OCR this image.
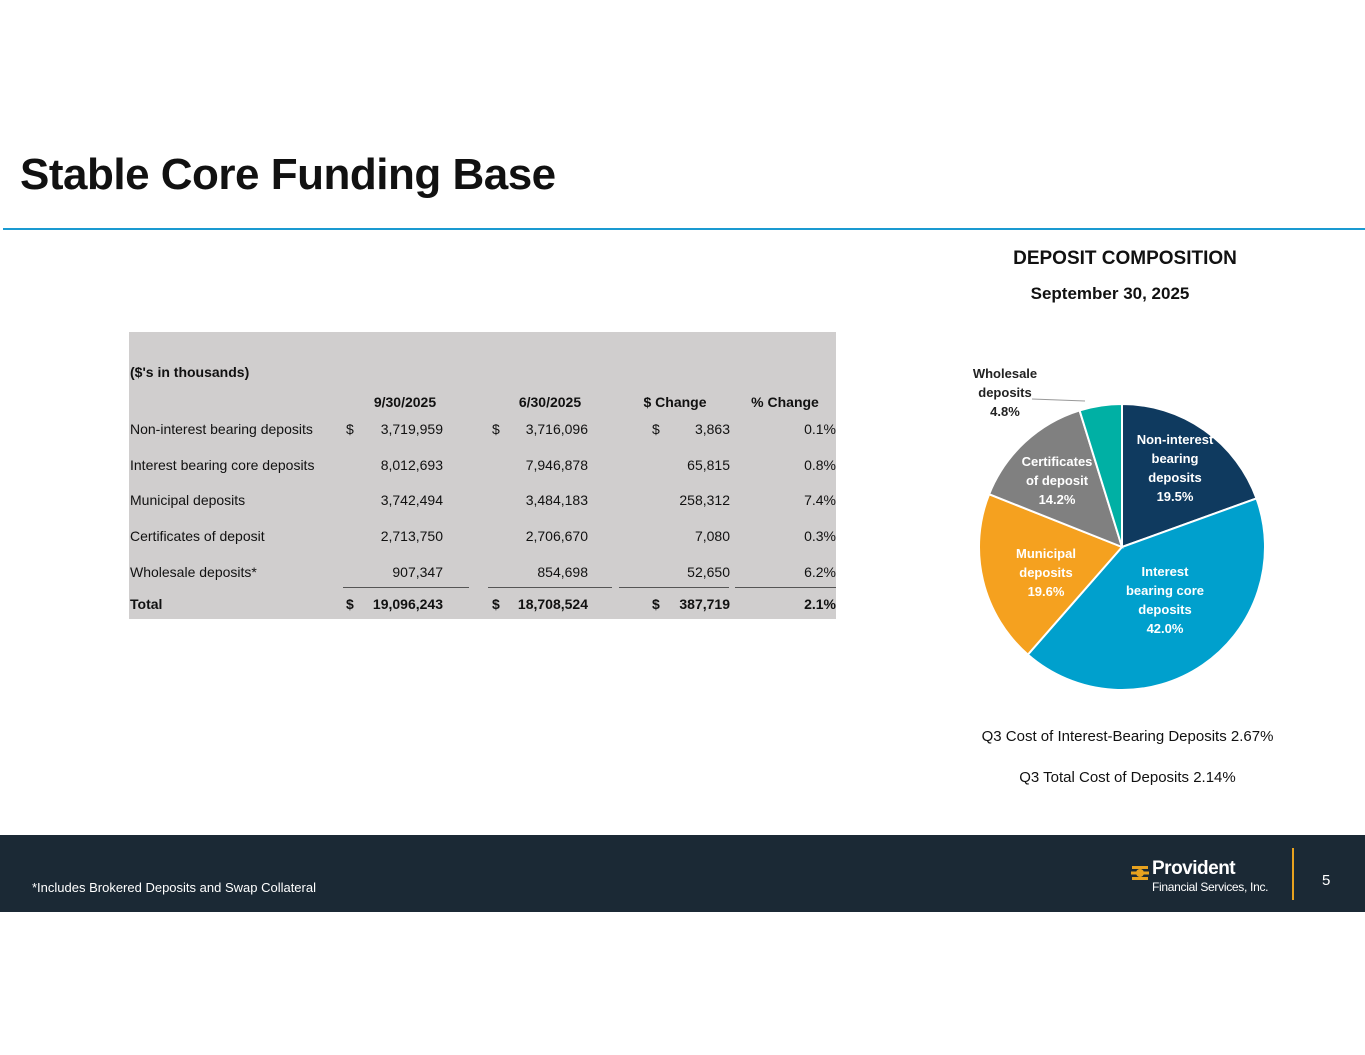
Stable Core Funding Base
($'s in thousands)
9/30/2025	6/30/2025	$ Change	% Change
Non-interest bearing deposits $	3,719,959	$	3,716,096	$	3,863	0.1%
Interest bearing core deposits	8,012,693	7,946,878	65,815	0.8%
Municipal deposits	3,742,494	3,484,183	258,312	7.4%
Certificates of deposit	2,713,750	2,706,670	7,080	0.3%
Wholesale deposits*	907,347	854,698	52,650	6.2%
Total	$	19,096,243	$	18,708,524	$	387,719	2.1%
DEPOSIT COMPOSITION
September 30, 2025
Non-interest bearing deposits 19.5%
Interest bearing core deposits 42.0%
Municipal deposits 19.6%
Certificates of deposit 14.2%
Wholesale deposits 4.8%
Q3 Cost of Interest-Bearing Deposits 2.67%
Q3 Total Cost of Deposits 2.14%
*Includes Brokered Deposits and Swap Collateral
Provident
Financial Services, Inc.	5
